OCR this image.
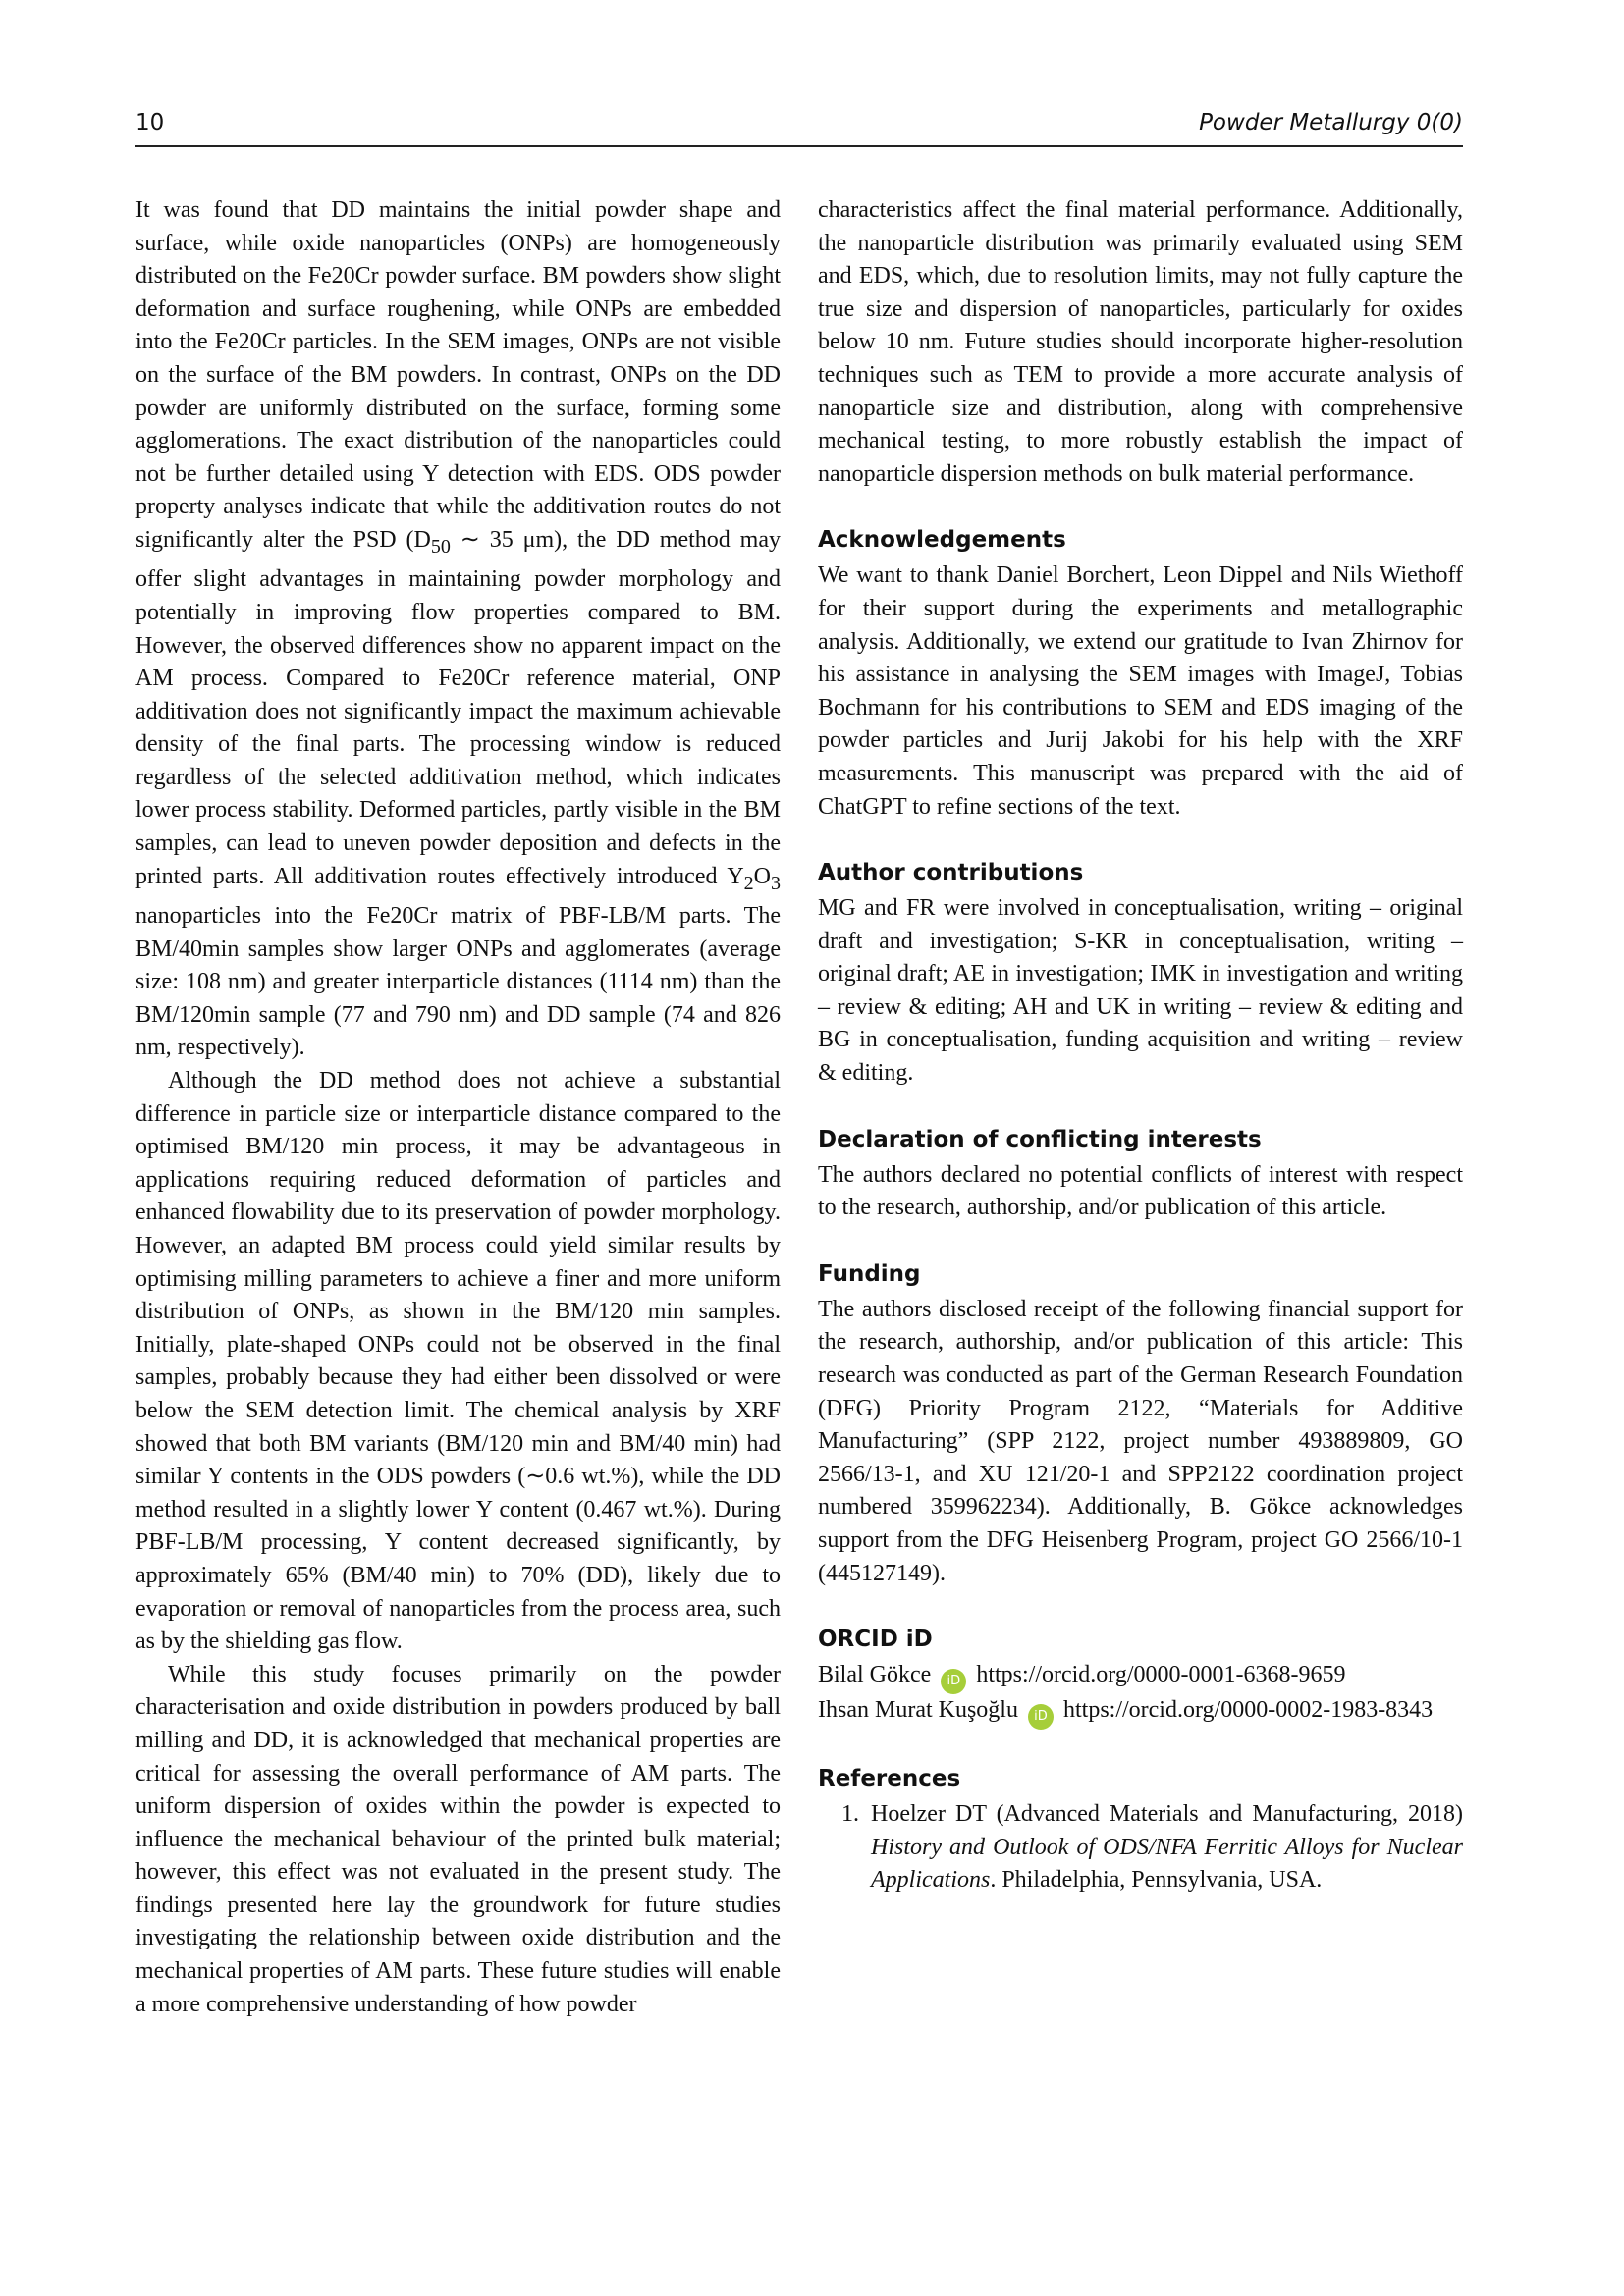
10	Powder Metallurgy 0(0)

It was found that DD maintains the initial powder shape and surface, while oxide nanoparticles (ONPs) are homogeneously distributed on the Fe20Cr powder surface. BM powders show slight deformation and surface roughening, while ONPs are embedded into the Fe20Cr particles. In the SEM images, ONPs are not visible on the surface of the BM powders. In contrast, ONPs on the DD powder are uniformly distributed on the surface, forming some agglomerations. The exact distribution of the nanoparticles could not be further detailed using Y detection with EDS. ODS powder property analyses indicate that while the additivation routes do not significantly alter the PSD ($D_{50}$ ∼ 35 μm), the DD method may offer slight advantages in maintaining powder morphology and potentially in improving flow properties compared to BM. However, the observed differences show no apparent impact on the AM process. Compared to Fe20Cr reference material, ONP additivation does not significantly impact the maximum achievable density of the final parts. The processing window is reduced regardless of the selected additivation method, which indicates lower process stability. Deformed particles, partly visible in the BM samples, can lead to uneven powder deposition and defects in the printed parts. All additivation routes effectively introduced $Y_2O_3$ nanoparticles into the Fe20Cr matrix of PBF-LB/M parts. The BM/40min samples show larger ONPs and agglomerates (average size: 108 nm) and greater interparticle distances (1114 nm) than the BM/120min sample (77 and 790 nm) and DD sample (74 and 826 nm, respectively).

Although the DD method does not achieve a substantial difference in particle size or interparticle distance compared to the optimised BM/120 min process, it may be advantageous in applications requiring reduced deformation of particles and enhanced flowability due to its preservation of powder morphology. However, an adapted BM process could yield similar results by optimising milling parameters to achieve a finer and more uniform distribution of ONPs, as shown in the BM/120 min samples. Initially, plate-shaped ONPs could not be observed in the final samples, probably because they had either been dissolved or were below the SEM detection limit. The chemical analysis by XRF showed that both BM variants (BM/120 min and BM/40 min) had similar Y contents in the ODS powders (∼0.6 wt.%), while the DD method resulted in a slightly lower Y content (0.467 wt.%). During PBF-LB/M processing, Y content decreased significantly, by approximately 65% (BM/40 min) to 70% (DD), likely due to evaporation or removal of nanoparticles from the process area, such as by the shielding gas flow.

While this study focuses primarily on the powder characterisation and oxide distribution in powders produced by ball milling and DD, it is acknowledged that mechanical properties are critical for assessing the overall performance of AM parts. The uniform dispersion of oxides within the powder is expected to influence the mechanical behaviour of the printed bulk material; however, this effect was not evaluated in the present study. The findings presented here lay the groundwork for future studies investigating the relationship between oxide distribution and the mechanical properties of AM parts. These future studies will enable a more comprehensive understanding of how powder

characteristics affect the final material performance. Additionally, the nanoparticle distribution was primarily evaluated using SEM and EDS, which, due to resolution limits, may not fully capture the true size and dispersion of nanoparticles, particularly for oxides below 10 nm. Future studies should incorporate higher-resolution techniques such as TEM to provide a more accurate analysis of nanoparticle size and distribution, along with comprehensive mechanical testing, to more robustly establish the impact of nanoparticle dispersion methods on bulk material performance.

Acknowledgements

We want to thank Daniel Borchert, Leon Dippel and Nils Wiethoff for their support during the experiments and metallographic analysis. Additionally, we extend our gratitude to Ivan Zhirnov for his assistance in analysing the SEM images with ImageJ, Tobias Bochmann for his contributions to SEM and EDS imaging of the powder particles and Jurij Jakobi for his help with the XRF measurements. This manuscript was prepared with the aid of ChatGPT to refine sections of the text.

Author contributions

MG and FR were involved in conceptualisation, writing – original draft and investigation; S-KR in conceptualisation, writing – original draft; AE in investigation; IMK in investigation and writing – review & editing; AH and UK in writing – review & editing and BG in conceptualisation, funding acquisition and writing – review & editing.

Declaration of conflicting interests

The authors declared no potential conflicts of interest with respect to the research, authorship, and/or publication of this article.

Funding

The authors disclosed receipt of the following financial support for the research, authorship, and/or publication of this article: This research was conducted as part of the German Research Foundation (DFG) Priority Program 2122, “Materials for Additive Manufacturing” (SPP 2122, project number 493889809, GO 2566/13-1, and XU 121/20-1 and SPP2122 coordination project numbered 359962234). Additionally, B. Gökce acknowledges support from the DFG Heisenberg Program, project GO 2566/10-1 (445127149).

ORCID iD

Bilal Gökce iD https://orcid.org/0000-0001-6368-9659

Ihsan Murat Kuşoğlu iD https://orcid.org/0000-0002-1983-8343

References
1. Hoelzer DT (Advanced Materials and Manufacturing, 2018) History and Outlook of ODS/NFA Ferritic Alloys for Nuclear Applications. Philadelphia, Pennsylvania, USA.
